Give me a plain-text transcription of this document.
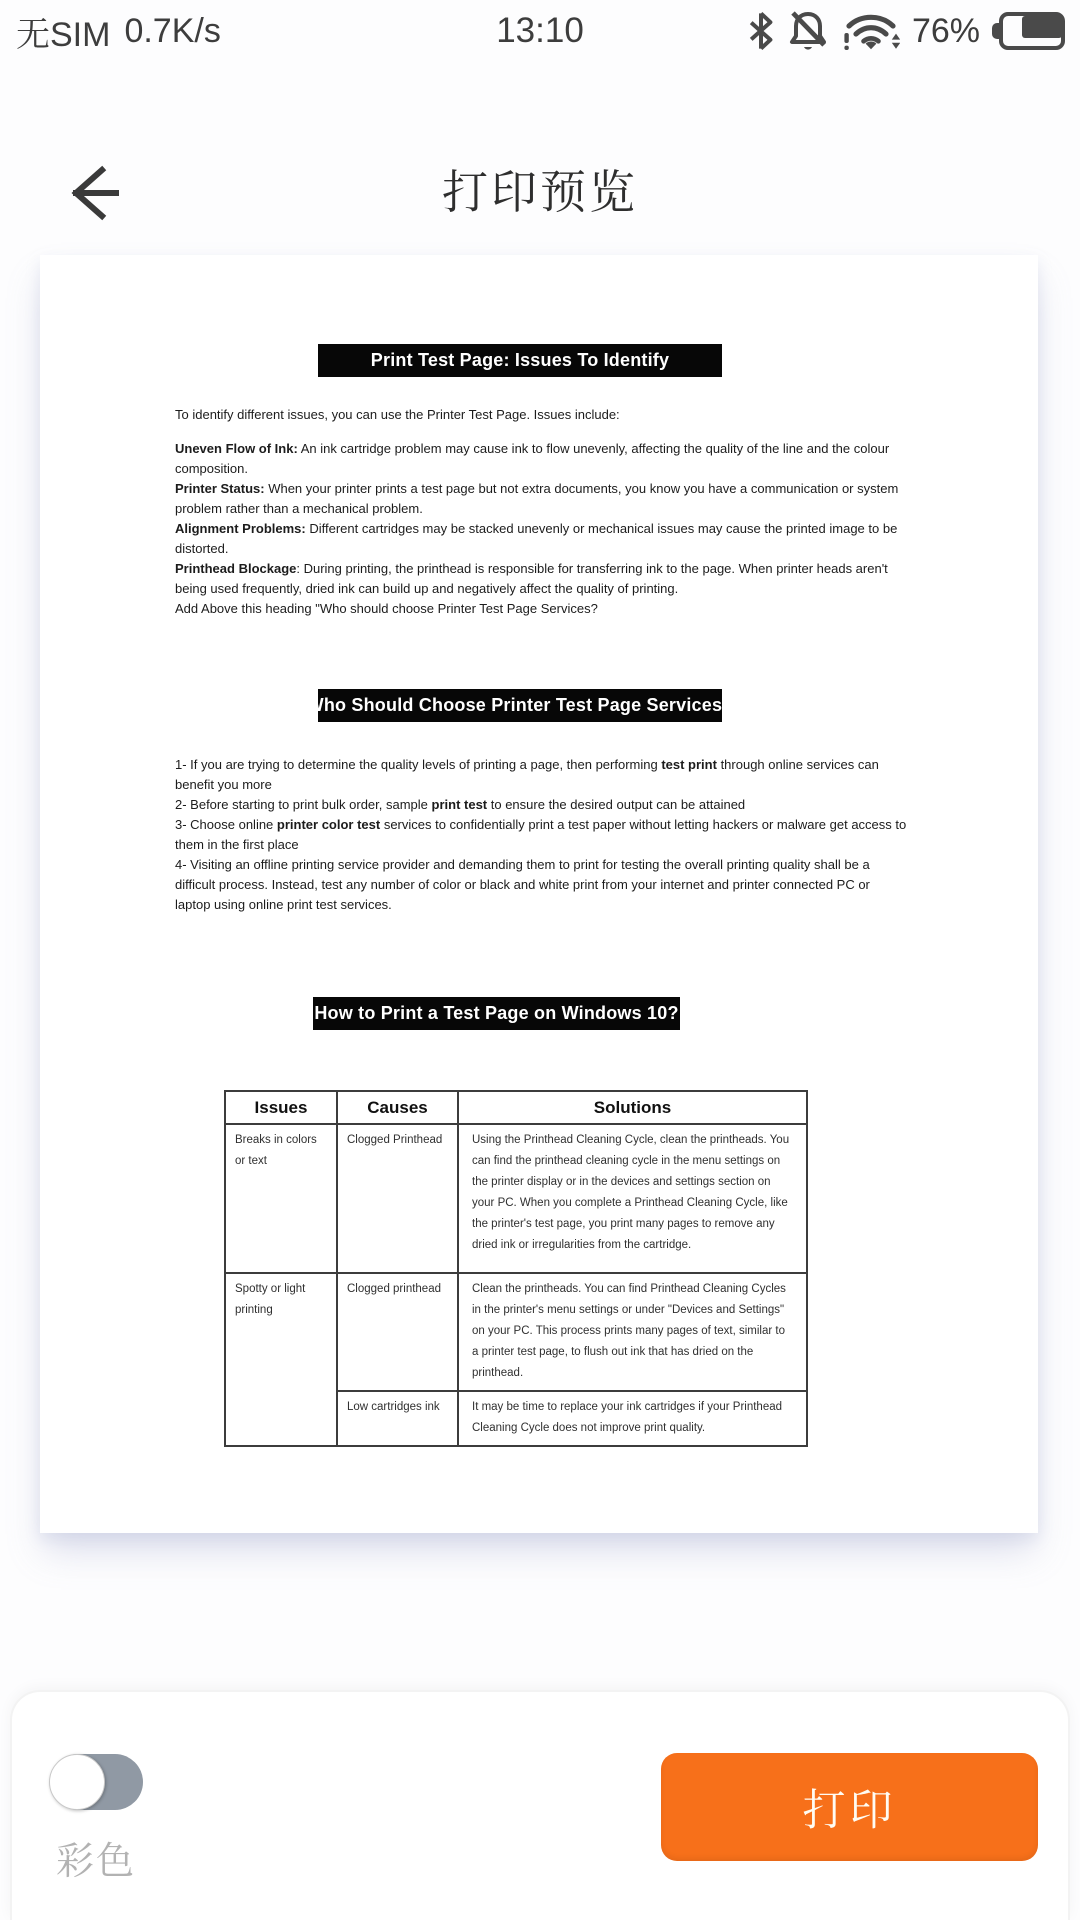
无SIM 0.7K/s	13:10	76%
打印预览
Print Test Page: Issues To Identify
To identify different issues, you can use the Printer Test Page. Issues include:
Uneven Flow of Ink: An ink cartridge problem may cause ink to flow unevenly, affecting the quality of the line and the colour composition.
Printer Status: When your printer prints a test page but not extra documents, you know you have a communication or system problem rather than a mechanical problem.
Alignment Problems: Different cartridges may be stacked unevenly or mechanical issues may cause the printed image to be distorted.
Printhead Blockage: During printing, the printhead is responsible for transferring ink to the page. When printer heads aren't being used frequently, dried ink can build up and negatively affect the quality of printing.
Add Above this heading "Who should choose Printer Test Page Services?
Who Should Choose Printer Test Page Services?
1- If you are trying to determine the quality levels of printing a page, then performing test print through online services can benefit you more
2- Before starting to print bulk order, sample print test to ensure the desired output can be attained
3- Choose online printer color test services to confidentially print a test paper without letting hackers or malware get access to them in the first place
4- Visiting an offline printing service provider and demanding them to print for testing the overall printing quality shall be a difficult process. Instead, test any number of color or black and white print from your internet and printer connected PC or laptop using online print test services.
How to Print a Test Page on Windows 10?
Issues	Causes	Solutions
Breaks in colors or text	Clogged Printhead	Using the Printhead Cleaning Cycle, clean the printheads. You can find the printhead cleaning cycle in the menu settings on the printer display or in the devices and settings section on your PC. When you complete a Printhead Cleaning Cycle, like the printer's test page, you print many pages to remove any dried ink or irregularities from the cartridge.
Spotty or light printing	Clogged printhead	Clean the printheads. You can find Printhead Cleaning Cycles in the printer's menu settings or under "Devices and Settings" on your PC. This process prints many pages of text, similar to a printer test page, to flush out ink that has dried on the printhead.
	Low cartridges ink	It may be time to replace your ink cartridges if your Printhead Cleaning Cycle does not improve print quality.
彩色
打印
